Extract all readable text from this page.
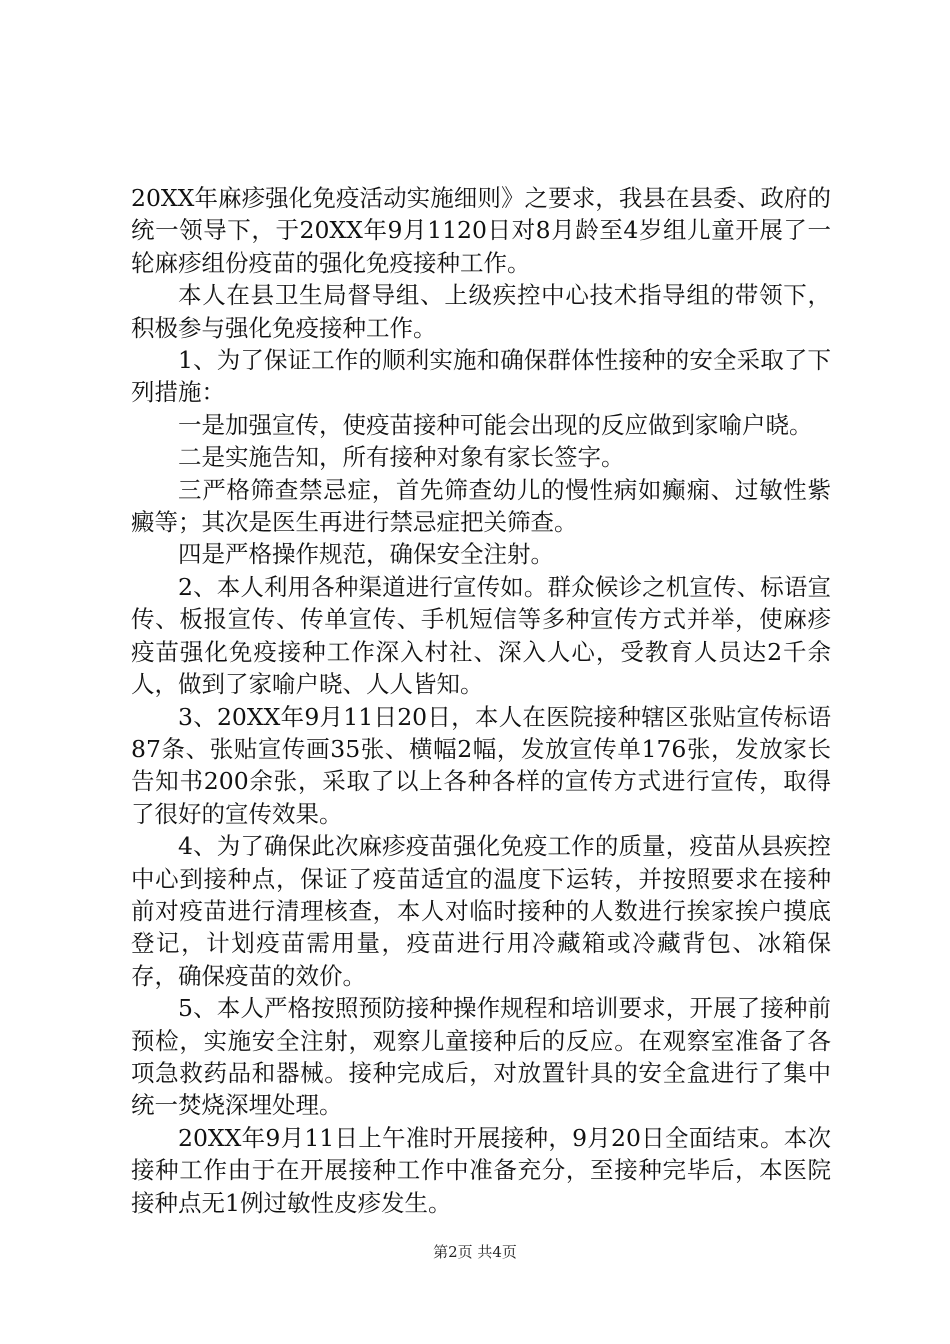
20XX年麻疹强化免疫活动实施细则》之要求，我县在县委、政府的统一领导下，于20XX年9月1120日对8月龄至4岁组儿童开展了一轮麻疹组份疫苗的强化免疫接种工作。

本人在县卫生局督导组、上级疾控中心技术指导组的带领下，积极参与强化免疫接种工作。

1、为了保证工作的顺利实施和确保群体性接种的安全采取了下列措施：

一是加强宣传，使疫苗接种可能会出现的反应做到家喻户晓。

二是实施告知，所有接种对象有家长签字。

三严格筛查禁忌症，首先筛查幼儿的慢性病如癫痫、过敏性紫癜等；其次是医生再进行禁忌症把关筛查。

四是严格操作规范，确保安全注射。

2、本人利用各种渠道进行宣传如。群众候诊之机宣传、标语宣传、板报宣传、传单宣传、手机短信等多种宣传方式并举，使麻疹疫苗强化免疫接种工作深入村社、深入人心，受教育人员达2千余人，做到了家喻户晓、人人皆知。

3、20XX年9月11日20日，本人在医院接种辖区张贴宣传标语87条、张贴宣传画35张、横幅2幅，发放宣传单176张，发放家长告知书200余张，采取了以上各种各样的宣传方式进行宣传，取得了很好的宣传效果。

4、为了确保此次麻疹疫苗强化免疫工作的质量，疫苗从县疾控中心到接种点，保证了疫苗适宜的温度下运转，并按照要求在接种前对疫苗进行清理核查，本人对临时接种的人数进行挨家挨户摸底登记，计划疫苗需用量，疫苗进行用冷藏箱或冷藏背包、冰箱保存，确保疫苗的效价。

5、本人严格按照预防接种操作规程和培训要求，开展了接种前预检，实施安全注射，观察儿童接种后的反应。在观察室准备了各项急救药品和器械。接种完成后，对放置针具的安全盒进行了集中统一焚烧深埋处理。

20XX年9月11日上午准时开展接种，9月20日全面结束。本次接种工作由于在开展接种工作中准备充分，至接种完毕后，本医院接种点无1例过敏性皮疹发生。

第2页 共4页
